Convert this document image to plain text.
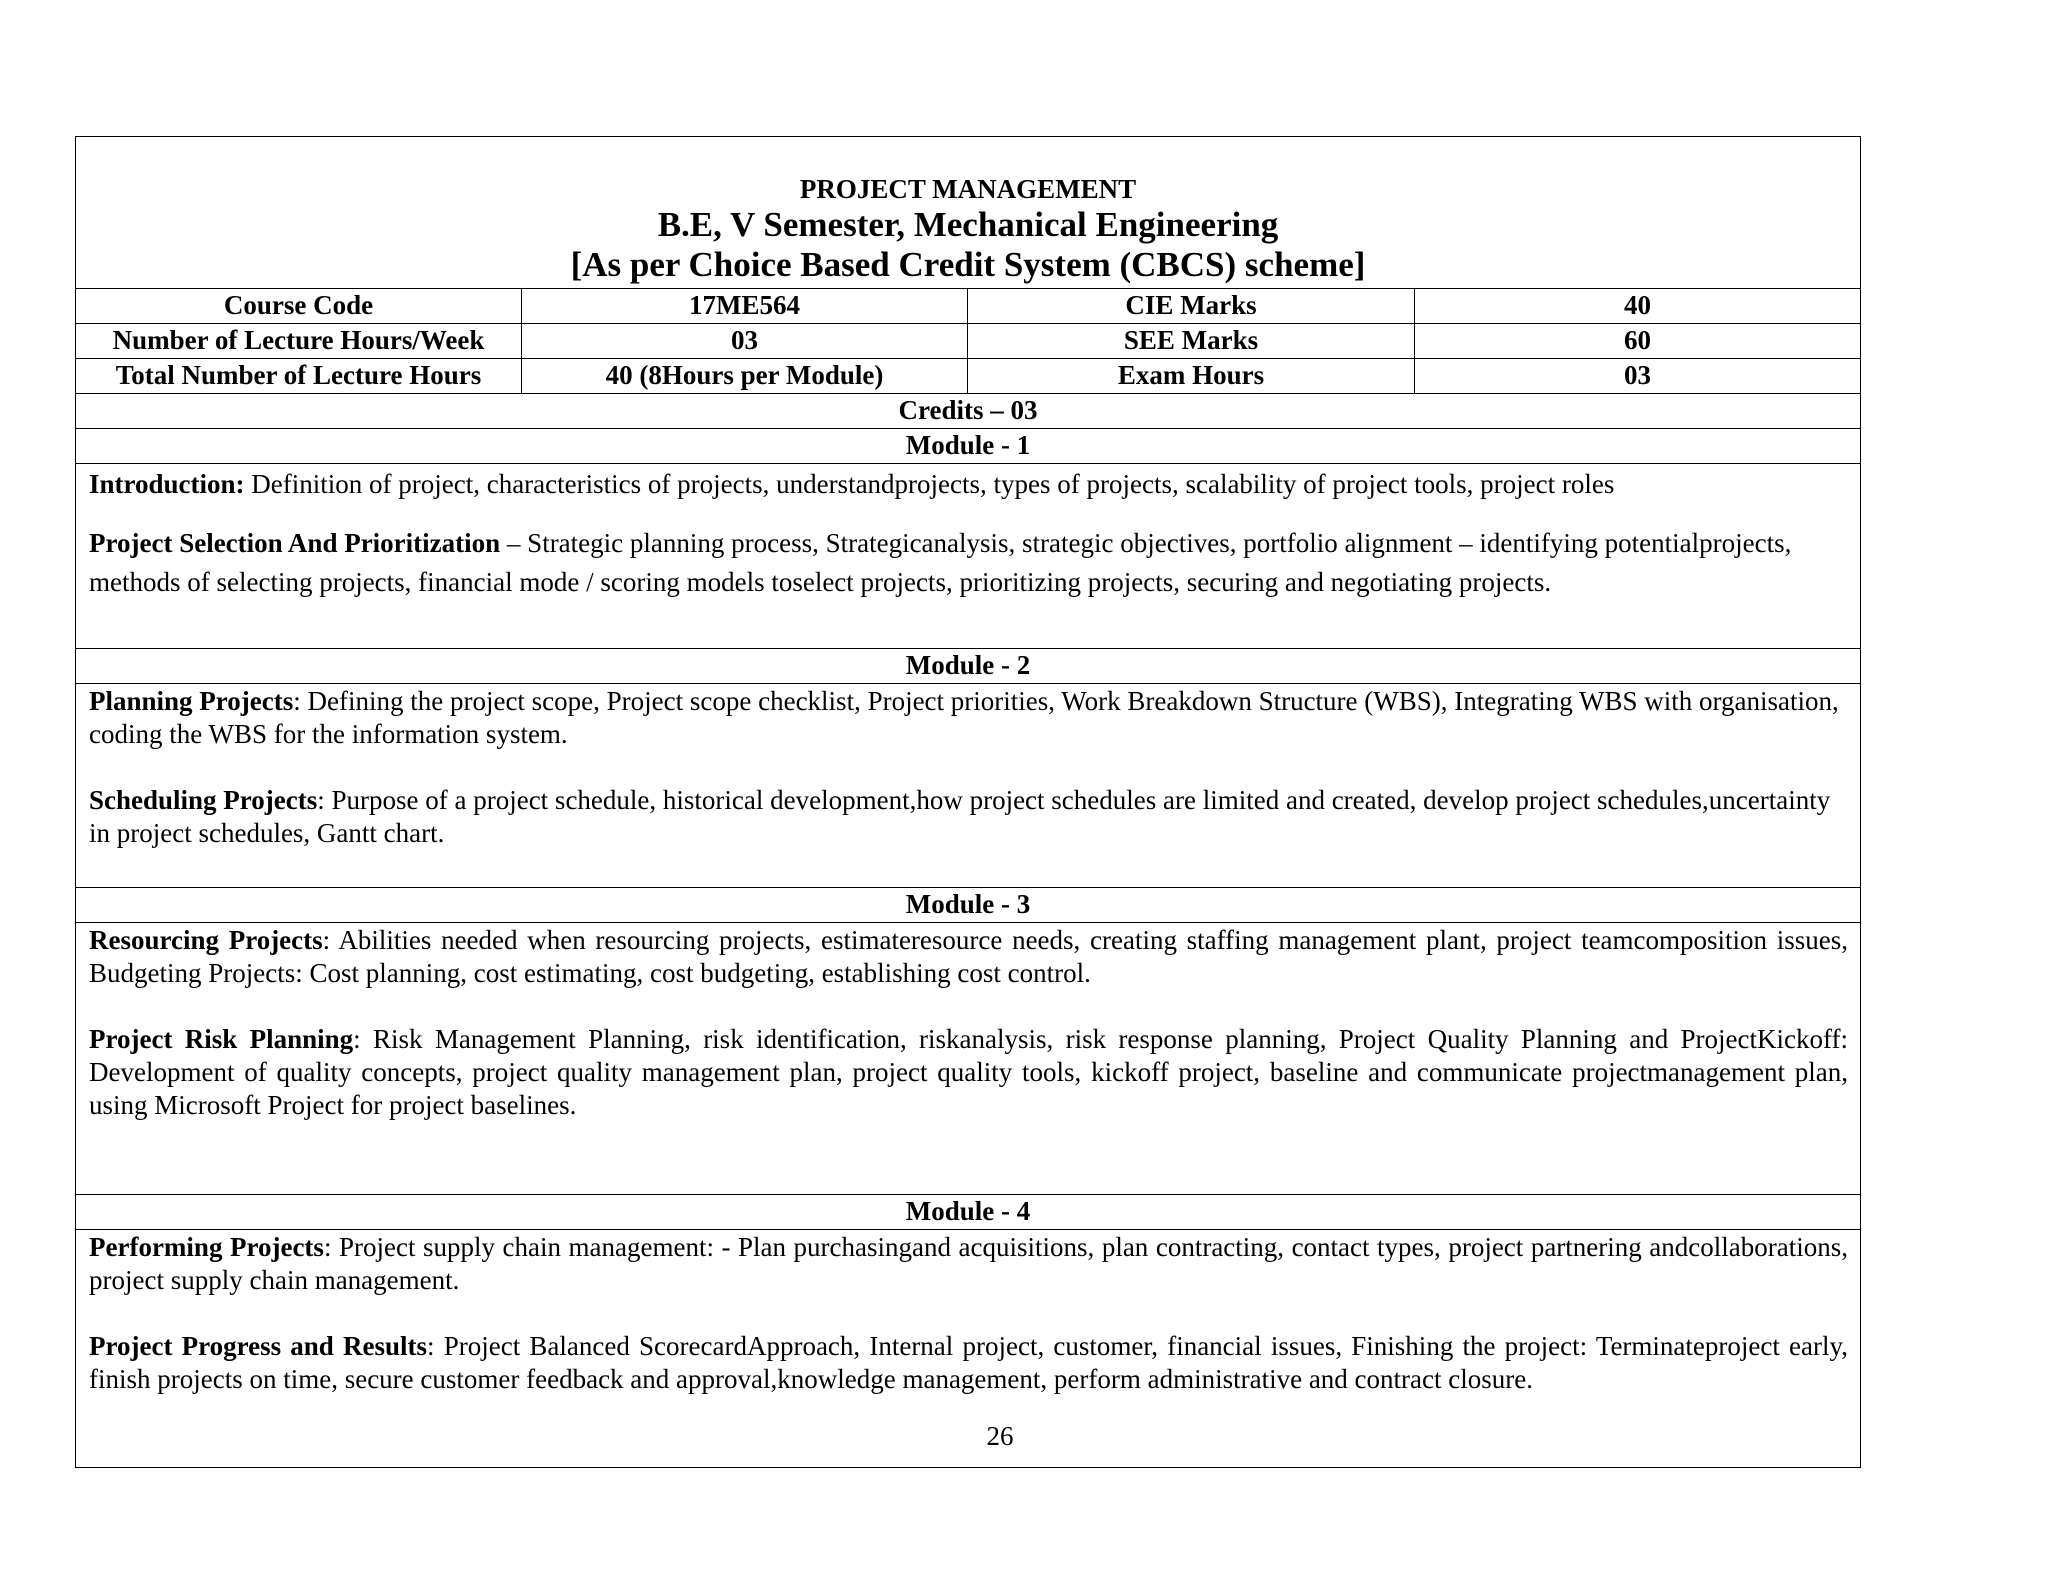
PROJECT MANAGEMENT
B.E, V Semester, Mechanical Engineering
[As per Choice Based Credit System (CBCS) scheme]
Course Code	17ME564	CIE Marks	40
Number of Lecture Hours/Week	03	SEE Marks	60
Total Number of Lecture Hours	40 (8Hours per Module)	Exam Hours	03
Credits – 03
Module - 1

Introduction: Definition of project, characteristics of projects, understandprojects, types of projects, scalability of project tools, project roles

Project Selection And Prioritization – Strategic planning process, Strategicanalysis, strategic objectives, portfolio alignment – identifying potentialprojects, methods of selecting projects, financial mode / scoring models toselect projects, prioritizing projects, securing and negotiating projects.

Module - 2

Planning Projects: Defining the project scope, Project scope checklist, Project priorities, Work Breakdown Structure (WBS), Integrating WBS with organisation, coding the WBS for the information system.

Scheduling Projects: Purpose of a project schedule, historical development,how project schedules are limited and created, develop project schedules,uncertainty in project schedules, Gantt chart.

Module - 3

Resourcing Projects: Abilities needed when resourcing projects, estimateresource needs, creating staffing management plant, project teamcomposition issues, Budgeting Projects: Cost planning, cost estimating, cost budgeting, establishing cost control.

Project Risk Planning: Risk Management Planning, risk identification, riskanalysis, risk response planning, Project Quality Planning and ProjectKickoff: Development of quality concepts, project quality management plan, project quality tools, kickoff project, baseline and communicate projectmanagement plan, using Microsoft Project for project baselines.

Module - 4

Performing Projects: Project supply chain management: - Plan purchasingand acquisitions, plan contracting, contact types, project partnering andcollaborations, project supply chain management.

Project Progress and Results: Project Balanced ScorecardApproach, Internal project, customer, financial issues, Finishing the project: Terminateproject early, finish projects on time, secure customer feedback and approval,knowledge management, perform administrative and contract closure.

26
